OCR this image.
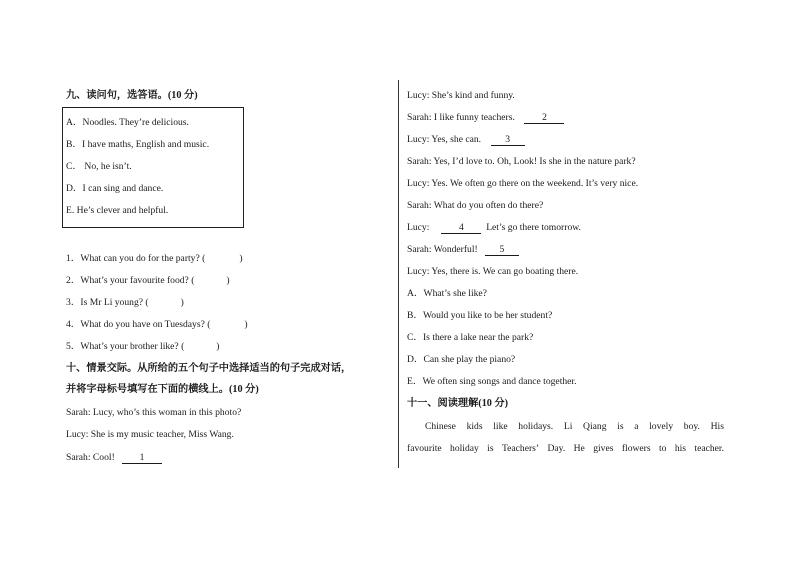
九、读问句，选答语。(10 分)
A．Noodles. They’re delicious.
B．I have maths, English and music.
C． No, he isn’t.
D．I can sing and dance.
E. He’s clever and helpful.
1．What can you do for the party? (	)
2．What’s your favourite food? (	)
3．Is Mr Li young? (	)
4．What do you have on Tuesdays? (	)
5．What’s your brother like? (	)
十、情景交际。从所给的五个句子中选择适当的句子完成对话，
并将字母标号填写在下面的横线上。(10 分)
Sarah: Lucy, who’s this woman in this photo?
Lucy: She is my music teacher, Miss Wang.
Sarah: Cool!	1
Lucy: She’s kind and funny.
Sarah: I like funny teachers.	2
Lucy: Yes, she can.	3
Sarah: Yes, I’d love to. Oh, Look! Is she in the nature park?
Lucy: Yes. We often go there on the weekend. It’s very nice.
Sarah: What do you often do there?
Lucy:	4 Let’s go there tomorrow.
Sarah: Wonderful! 5
Lucy: Yes, there is. We can go boating there.
A．What’s she like?
B．Would you like to be her student?
C．Is there a lake near the park?
D．Can she play the piano?
E．We often sing songs and dance together.
十一、阅读理解(10 分)
Chinese kids like holidays. Li Qiang is a lovely boy. His
favourite holiday is Teachers’ Day. He gives flowers to his teacher.
